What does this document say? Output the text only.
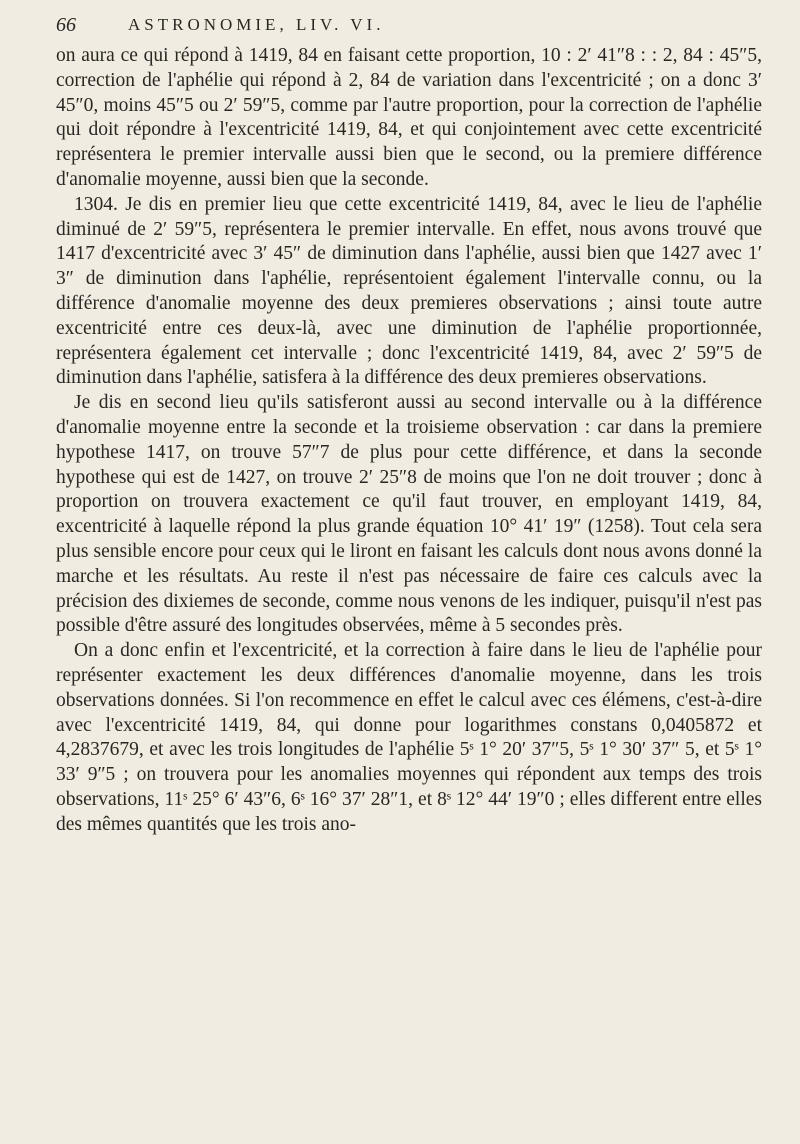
66	ASTRONOMIE, LIV. VI.

on aura ce qui répond à 1419, 84 en faisant cette proportion, 10 : 2′ 41″8 : : 2, 84 : 45″5, correction de l'aphélie qui répond à 2, 84 de variation dans l'excentricité ; on a donc 3′ 45″0, moins 45″5 ou 2′ 59″5, comme par l'autre proportion, pour la correction de l'aphélie qui doit répondre à l'excentricité 1419, 84, et qui conjointement avec cette excentricité représentera le premier intervalle aussi bien que le second, ou la premiere différence d'anomalie moyenne, aussi bien que la seconde.

1304. Je dis en premier lieu que cette excentricité 1419, 84, avec le lieu de l'aphélie diminué de 2′ 59″5, représentera le premier intervalle. En effet, nous avons trouvé que 1417 d'excentricité avec 3′ 45″ de diminution dans l'aphélie, aussi bien que 1427 avec 1′ 3″ de diminution dans l'aphélie, représentoient également l'intervalle connu, ou la différence d'anomalie moyenne des deux premieres observations ; ainsi toute autre excentricité entre ces deux-là, avec une diminution de l'aphélie proportionnée, représentera également cet intervalle ; donc l'excentricité 1419, 84, avec 2′ 59″5 de diminution dans l'aphélie, satisfera à la différence des deux premieres observations.

Je dis en second lieu qu'ils satisferont aussi au second intervalle ou à la différence d'anomalie moyenne entre la seconde et la troisieme observation : car dans la premiere hypothese 1417, on trouve 57″7 de plus pour cette différence, et dans la seconde hypothese qui est de 1427, on trouve 2′ 25″8 de moins que l'on ne doit trouver ; donc à proportion on trouvera exactement ce qu'il faut trouver, en employant 1419, 84, excentricité à laquelle répond la plus grande équation 10° 41′ 19″ (1258). Tout cela sera plus sensible encore pour ceux qui le liront en faisant les calculs dont nous avons donné la marche et les résultats. Au reste il n'est pas nécessaire de faire ces calculs avec la précision des dixiemes de seconde, comme nous venons de les indiquer, puisqu'il n'est pas possible d'être assuré des longitudes observées, même à 5 secondes près.

On a donc enfin et l'excentricité, et la correction à faire dans le lieu de l'aphélie pour représenter exactement les deux différences d'anomalie moyenne, dans les trois observations données. Si l'on recommence en effet le calcul avec ces élémens, c'est-à-dire avec l'excentricité 1419, 84, qui donne pour logarithmes constans 0,0405872 et 4,2837679, et avec les trois longitudes de l'aphélie 5ˢ 1° 20′ 37″5, 5ˢ 1° 30′ 37″ 5, et 5ˢ 1° 33′ 9″5 ; on trouvera pour les anomalies moyennes qui répondent aux temps des trois observations, 11ˢ 25° 6′ 43″6, 6ˢ 16° 37′ 28″1, et 8ˢ 12° 44′ 19″0 ; elles different entre elles des mêmes quantités que les trois ano-
